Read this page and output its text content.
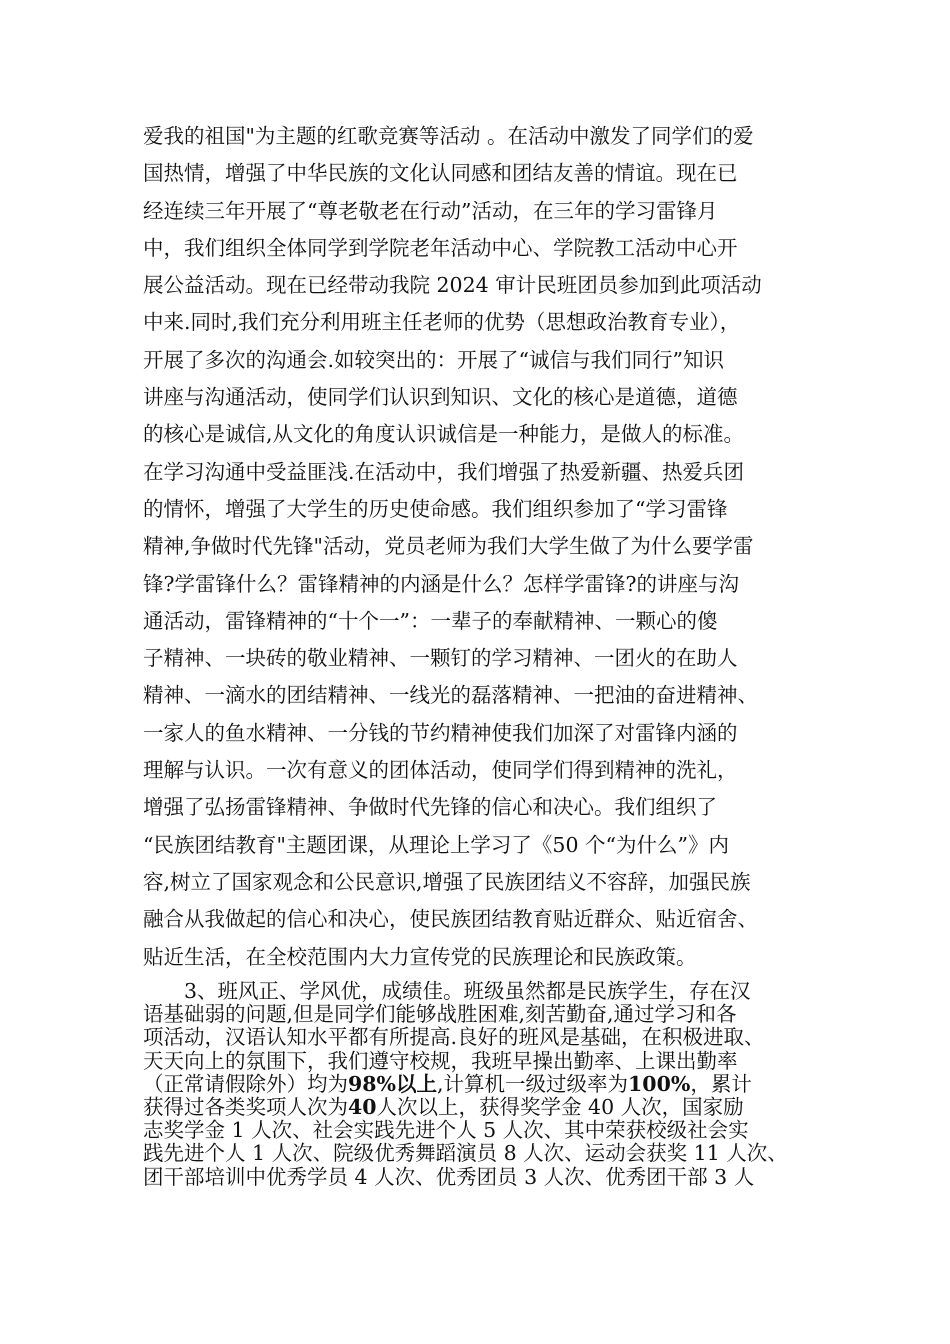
爱我的祖国"为主题的红歌竞赛等活动 。在活动中激发了同学们的爱
国热情，增强了中华民族的文化认同感和团结友善的情谊。现在已
经连续三年开展了“尊老敬老在行动”活动，在三年的学习雷锋月
中，我们组织全体同学到学院老年活动中心、学院教工活动中心开
展公益活动。现在已经带动我院 2024 审计民班团员参加到此项活动
中来.同时,我们充分利用班主任老师的优势（思想政治教育专业），
开展了多次的沟通会.如较突出的：开展了“诚信与我们同行”知识
讲座与沟通活动，使同学们认识到知识、文化的核心是道德，道德
的核心是诚信,从文化的角度认识诚信是一种能力，是做人的标准。
在学习沟通中受益匪浅.在活动中，我们增强了热爱新疆、热爱兵团
的情怀，增强了大学生的历史使命感。我们组织参加了“学习雷锋
精神,争做时代先锋"活动，党员老师为我们大学生做了为什么要学雷
锋?学雷锋什么？雷锋精神的内涵是什么？怎样学雷锋?的讲座与沟
通活动，雷锋精神的“十个一”：一辈子的奉献精神、一颗心的傻
子精神、一块砖的敬业精神、一颗钉的学习精神、一团火的在助人
精神、一滴水的团结精神、一线光的磊落精神、一把油的奋进精神、
一家人的鱼水精神、一分钱的节约精神使我们加深了对雷锋内涵的
理解与认识。一次有意义的团体活动，使同学们得到精神的洗礼，
增强了弘扬雷锋精神、争做时代先锋的信心和决心。我们组织了
“民族团结教育"主题团课，从理论上学习了《50 个“为什么”》内
容,树立了国家观念和公民意识,增强了民族团结义不容辞，加强民族
融合从我做起的信心和决心，使民族团结教育贴近群众、贴近宿舍、
贴近生活，在全校范围内大力宣传党的民族理论和民族政策。
3、班风正、学风优，成绩佳。班级虽然都是民族学生，存在汉
语基础弱的问题,但是同学们能够战胜困难,刻苦勤奋,通过学习和各
项活动，汉语认知水平都有所提高.良好的班风是基础，在积极进取、
天天向上的氛围下，我们遵守校规，我班早操出勤率、上课出勤率
（正常请假除外）均为98%以上,计算机一级过级率为100%，累计
获得过各类奖项人次为40人次以上，获得奖学金 40 人次，国家励
志奖学金 1 人次、社会实践先进个人 5 人次、其中荣获校级社会实
践先进个人 1 人次、院级优秀舞蹈演员 8 人次、运动会获奖 11 人次、
团干部培训中优秀学员 4 人次、优秀团员 3 人次、优秀团干部 3 人
